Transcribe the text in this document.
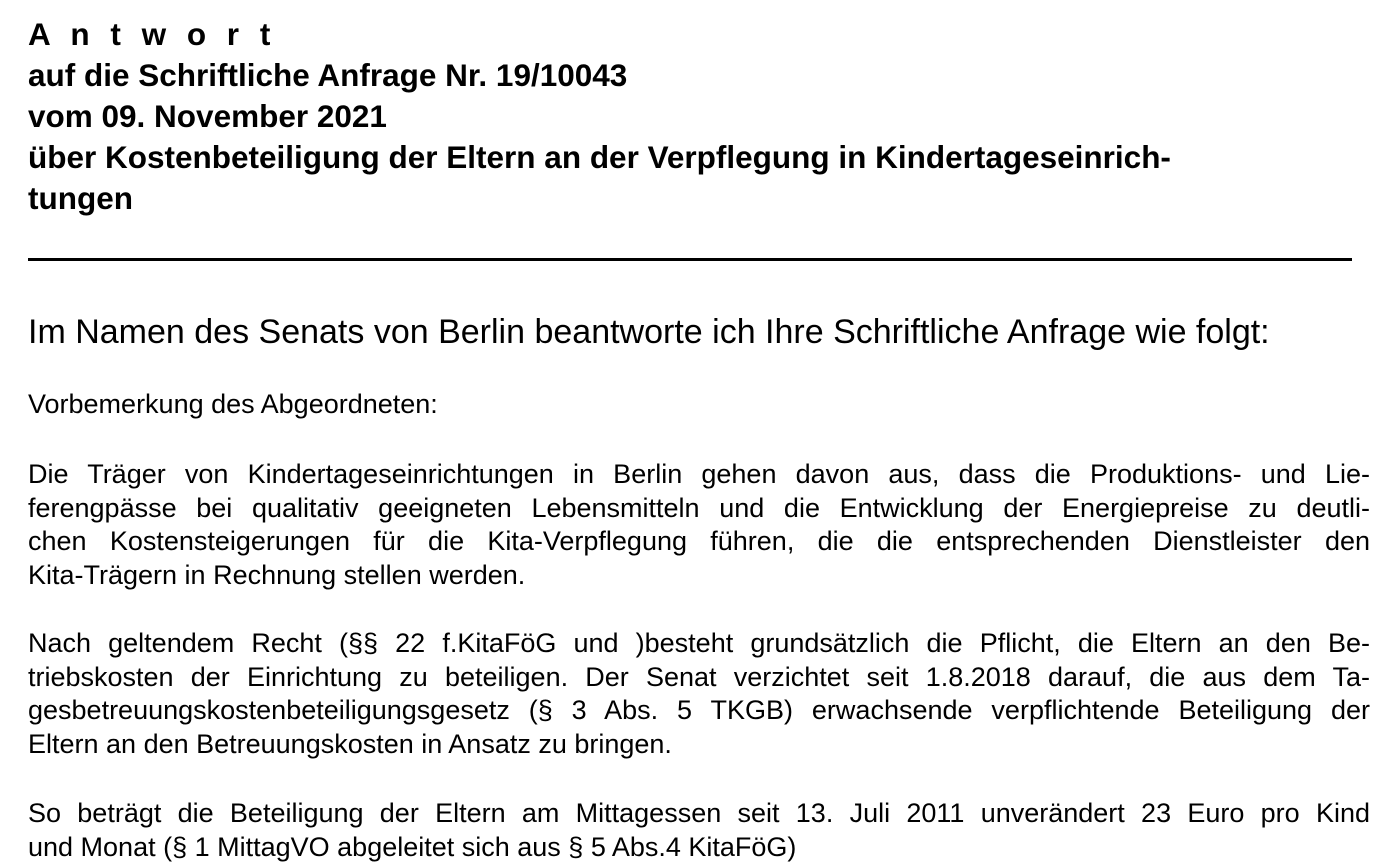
A n t w o r t
auf die Schriftliche Anfrage Nr. 19/10043
vom 09. November 2021
über Kostenbeteiligung der Eltern an der Verpflegung in Kindertageseinrich-
tungen

Im Namen des Senats von Berlin beantworte ich Ihre Schriftliche Anfrage wie folgt:

Vorbemerkung des Abgeordneten:

Die Träger von Kindertageseinrichtungen in Berlin gehen davon aus, dass die Produktions- und Lie-
ferengpässe bei qualitativ geeigneten Lebensmitteln und die Entwicklung der Energiepreise zu deutli-
chen Kostensteigerungen für die Kita-Verpflegung führen, die die entsprechenden Dienstleister den
Kita-Trägern in Rechnung stellen werden.

Nach geltendem Recht (§§ 22 f.KitaFöG und )besteht grundsätzlich die Pflicht, die Eltern an den Be-
triebskosten der Einrichtung zu beteiligen. Der Senat verzichtet seit 1.8.2018 darauf, die aus dem Ta-
gesbetreuungskostenbeteiligungsgesetz (§ 3 Abs. 5 TKGB) erwachsende verpflichtende Beteiligung der
Eltern an den Betreuungskosten in Ansatz zu bringen.

So beträgt die Beteiligung der Eltern am Mittagessen seit 13. Juli 2011 unverändert 23 Euro pro Kind
und Monat (§ 1 MittagVO abgeleitet sich aus § 5 Abs.4 KitaFöG)
